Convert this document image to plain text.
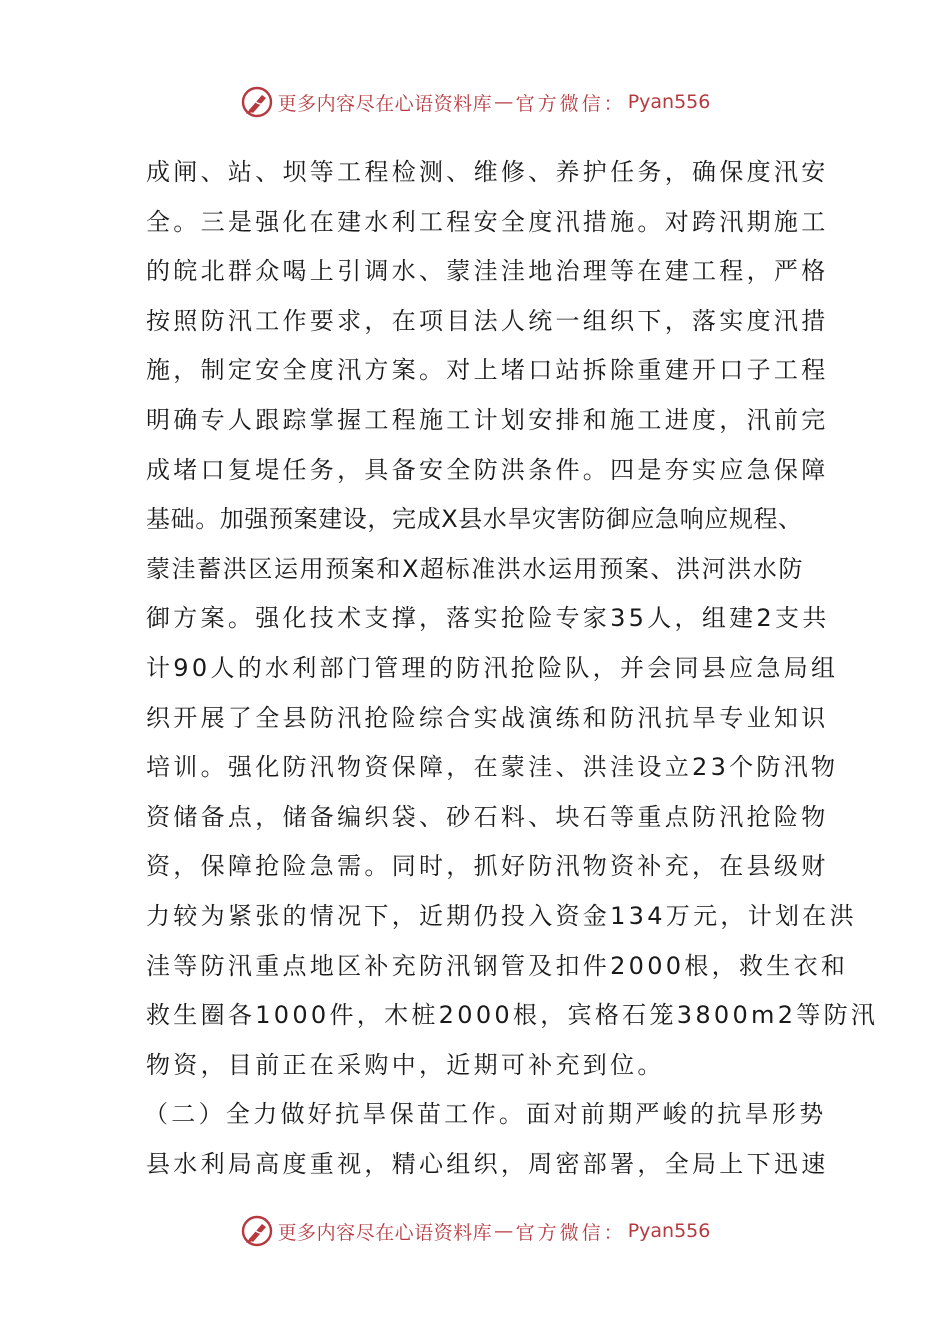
更多内容尽在心语资料库 — 官方微信： Pyan556
成闸、站、坝等工程检测、维修、养护任务，确保度汛安
全。三是强化在建水利工程安全度汛措施。对跨汛期施工
的皖北群众喝上引调水、蒙洼洼地治理等在建工程，严格
按照防汛工作要求，在项目法人统一组织下，落实度汛措
施，制定安全度汛方案。对上堵口站拆除重建开口子工程
明确专人跟踪掌握工程施工计划安排和施工进度，汛前完
成堵口复堤任务，具备安全防洪条件。四是夯实应急保障
基础。加强预案建设，完成X县水旱灾害防御应急响应规程、
蒙洼蓄洪区运用预案和X超标准洪水运用预案、洪河洪水防
御方案。强化技术支撑，落实抢险专家35人，组建2支共
计90人的水利部门管理的防汛抢险队，并会同县应急局组
织开展了全县防汛抢险综合实战演练和防汛抗旱专业知识
培训。强化防汛物资保障，在蒙洼、洪洼设立23个防汛物
资储备点，储备编织袋、砂石料、块石等重点防汛抢险物
资，保障抢险急需。同时，抓好防汛物资补充，在县级财
力较为紧张的情况下，近期仍投入资金134万元，计划在洪
洼等防汛重点地区补充防汛钢管及扣件2000根，救生衣和
救生圈各1000件，木桩2000根，宾格石笼3800m2等防汛
物资，目前正在采购中，近期可补充到位。
（二）全力做好抗旱保苗工作。面对前期严峻的抗旱形势
县水利局高度重视，精心组织，周密部署，全局上下迅速
更多内容尽在心语资料库 — 官方微信： Pyan556
